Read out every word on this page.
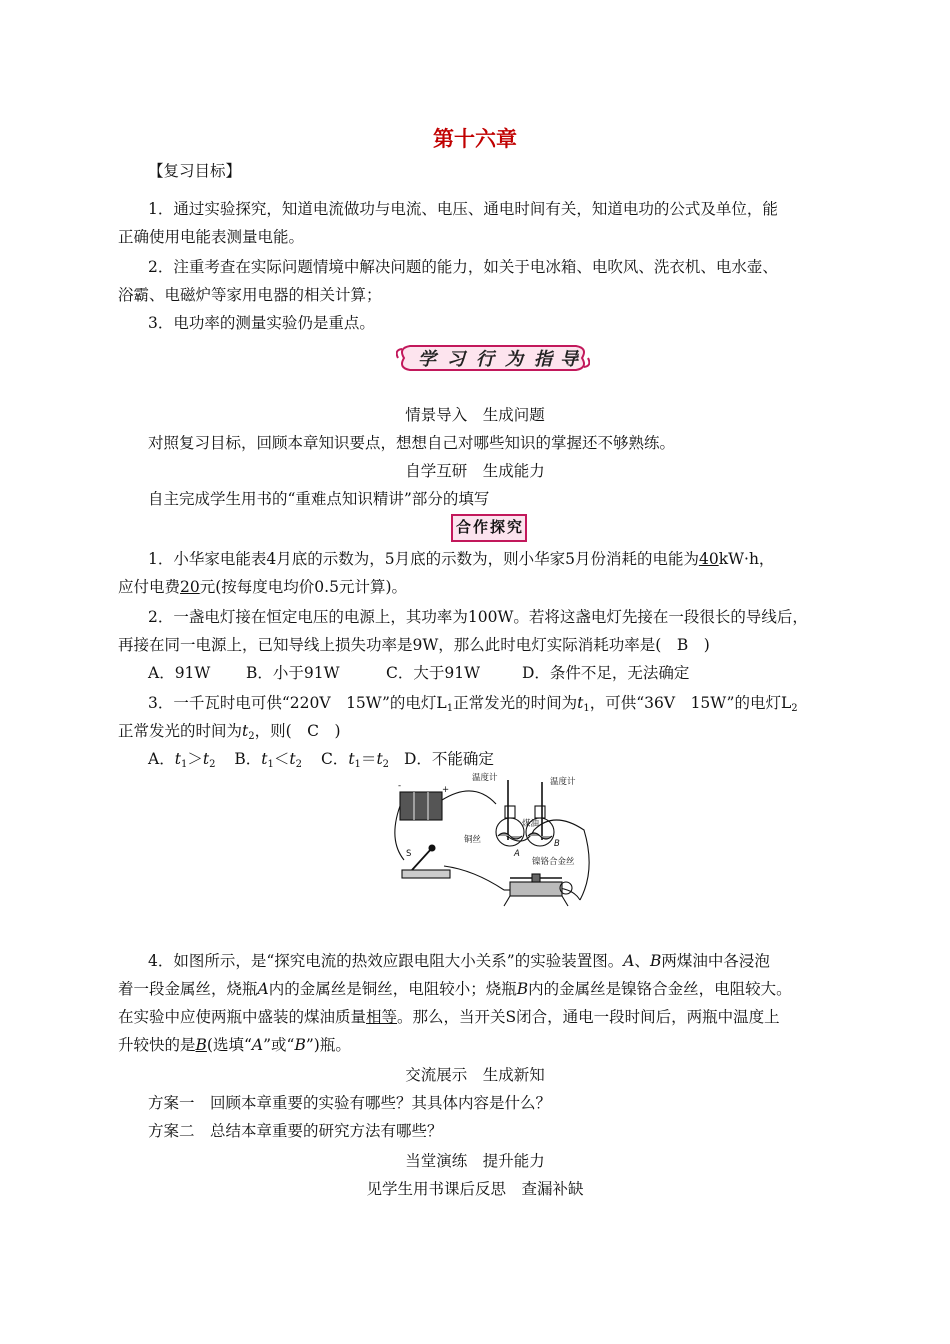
第十六章
【复习目标】
1．通过实验探究，知道电流做功与电流、电压、通电时间有关，知道电功的公式及单位，能
正确使用电能表测量电能。
2．注重考查在实际问题情境中解决问题的能力，如关于电冰箱、电吹风、洗衣机、电水壶、
浴霸、电磁炉等家用电器的相关计算；
3．电功率的测量实验仍是重点。
学 习 行 为 指 导
情景导入　生成问题
对照复习目标，回顾本章知识要点，想想自己对哪些知识的掌握还不够熟练。
自学互研　生成能力
自主完成学生用书的“重难点知识精讲”部分的填写
合 作 探 究
1．小华家电能表4月底的示数为，5月底的示数为，则小华家5月份消耗的电能为40kW·h，
应付电费20元(按每度电均价0.5元计算)。
2．一盏电灯接在恒定电压的电源上，其功率为100W。若将这盏电灯先接在一段很长的导线后，
再接在同一电源上，已知导线上损失功率是9W，那么此时电灯实际消耗功率是(　B　)
A．91W B．小于91W	C．大于91W	D．条件不足，无法确定
3．一千瓦时电可供“220V　15W”的电灯$L_1$正常发光的时间为$t_1$，可供“36V　15W”的电灯$L_2$
正常发光的时间为$t_2$，则(　C　)
A．$t_1>t_2$ B．$t_1<t_2$ C．$t_1=t_2$ D．不能确定
温度计	温度计
煤油
铜丝
镍铬合金丝
A
B
S
-	+
4．如图所示，是“探究电流的热效应跟电阻大小关系”的实验装置图。A、B两煤油中各浸泡
着一段金属丝，烧瓶A内的金属丝是铜丝，电阻较小；烧瓶B内的金属丝是镍铬合金丝，电阻较大。
在实验中应使两瓶中盛装的煤油质量相等。那么，当开关S闭合，通电一段时间后，两瓶中温度上
升较快的是B(选填“A”或“B”)瓶。
交流展示　生成新知
方案一　回顾本章重要的实验有哪些？其具体内容是什么？
方案二　总结本章重要的研究方法有哪些？
当堂演练　提升能力
见学生用书课后反思　查漏补缺
